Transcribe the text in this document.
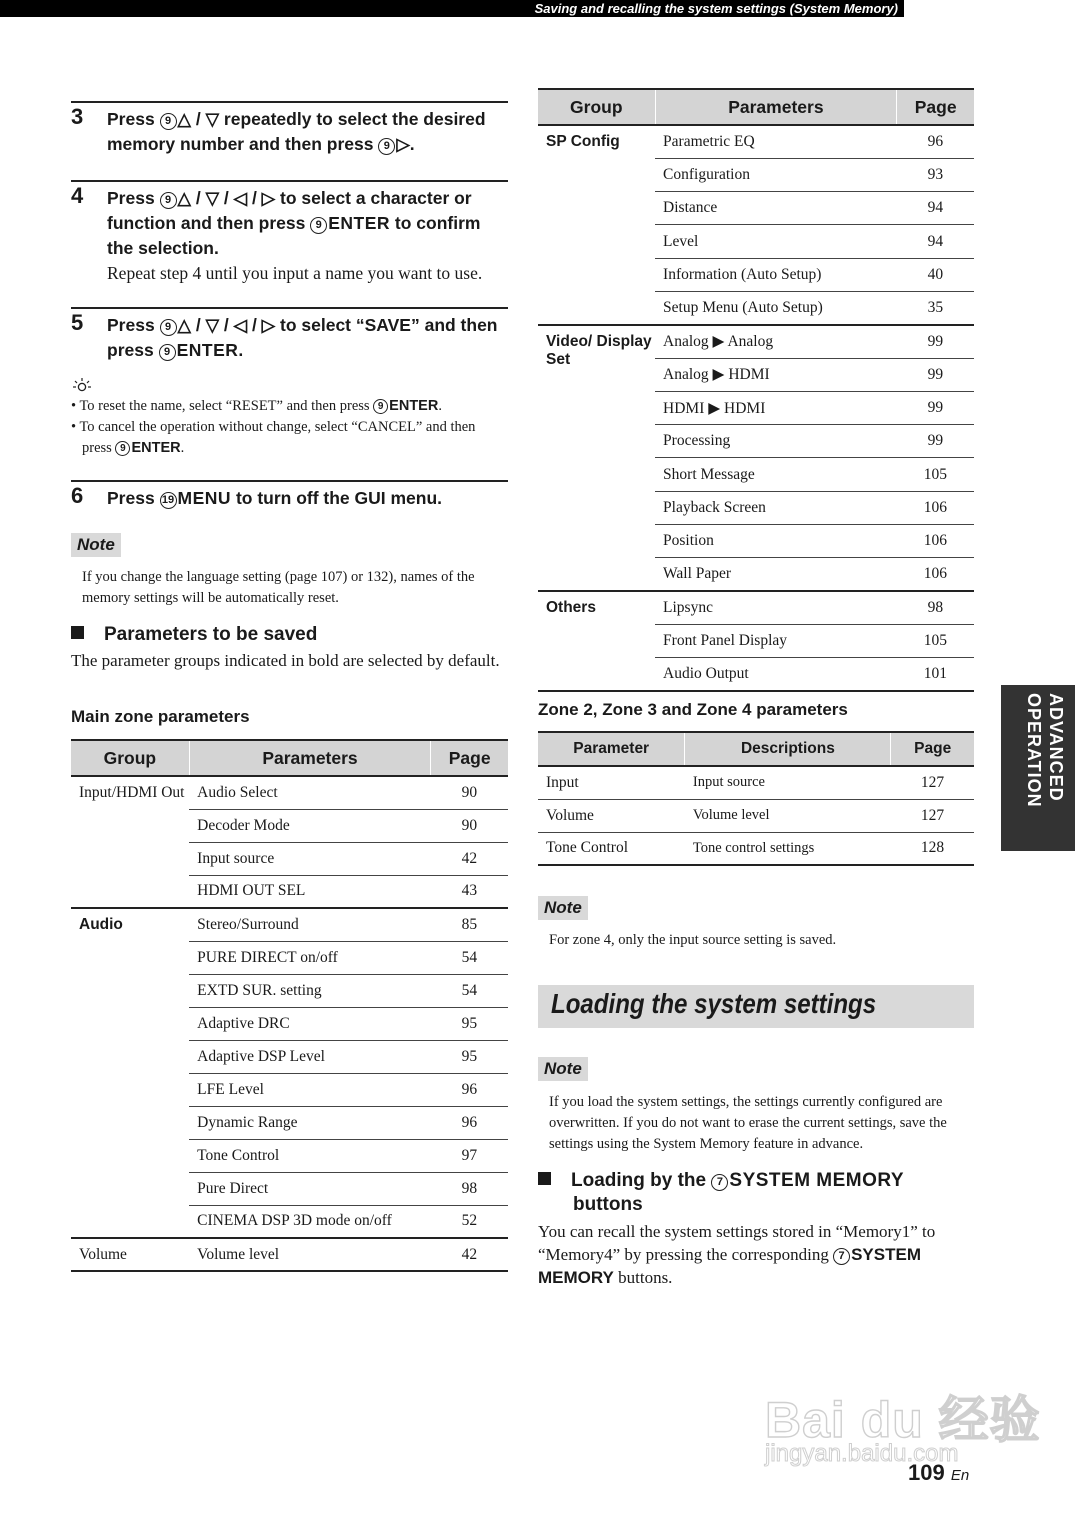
Saving and recalling the system settings (System Memory)
3 Press 9 △ / ▽ repeatedly to select the desired memory number and then press 9 ▷.
4 Press 9 △ / ▽ / ◁ / ▷ to select a character or function and then press 9 ENTER to confirm the selection.
Repeat step 4 until you input a name you want to use.
5 Press 9 △ / ▽ / ◁ / ▷ to select “SAVE” and then press 9 ENTER.
• To reset the name, select “RESET” and then press 9 ENTER.
• To cancel the operation without change, select “CANCEL” and then press 9 ENTER.
6 Press 19 MENU to turn off the GUI menu.
Note
If you change the language setting (page 107) or 132), names of the memory settings will be automatically reset.
Parameters to be saved
The parameter groups indicated in bold are selected by default.
Main zone parameters
Group	Parameters	Page
Input/HDMI Out	Audio Select	90
	Decoder Mode	90
	Input source	42
	HDMI OUT SEL	43
Audio	Stereo/Surround	85
	PURE DIRECT on/off	54
	EXTD SUR. setting	54
	Adaptive DRC	95
	Adaptive DSP Level	95
	LFE Level	96
	Dynamic Range	96
	Tone Control	97
	Pure Direct	98
	CINEMA DSP 3D mode on/off	52
Volume	Volume level	42
Group	Parameters	Page
SP Config	Parametric EQ	96
	Configuration	93
	Distance	94
	Level	94
	Information (Auto Setup)	40
	Setup Menu (Auto Setup)	35
Video/ Display Set	Analog ▶ Analog	99
	Analog ▶ HDMI	99
	HDMI ▶ HDMI	99
	Processing	99
	Short Message	105
	Playback Screen	106
	Position	106
	Wall Paper	106
Others	Lipsync	98
	Front Panel Display	105
	Audio Output	101
Zone 2, Zone 3 and Zone 4 parameters
Parameter	Descriptions	Page
Input	Input source	127
Volume	Volume level	127
Tone Control	Tone control settings	128
Note
For zone 4, only the input source setting is saved.
Loading the system settings
Note
If you load the system settings, the settings currently configured are overwritten. If you do not want to erase the current settings, save the settings using the System Memory feature in advance.
Loading by the 7 SYSTEM MEMORY
buttons
You can recall the system settings stored in “Memory1” to “Memory4” by pressing the corresponding 7 SYSTEM MEMORY buttons.
ADVANCED
OPERATION
Bai du 经验
jingyan.baidu.com
109 En
